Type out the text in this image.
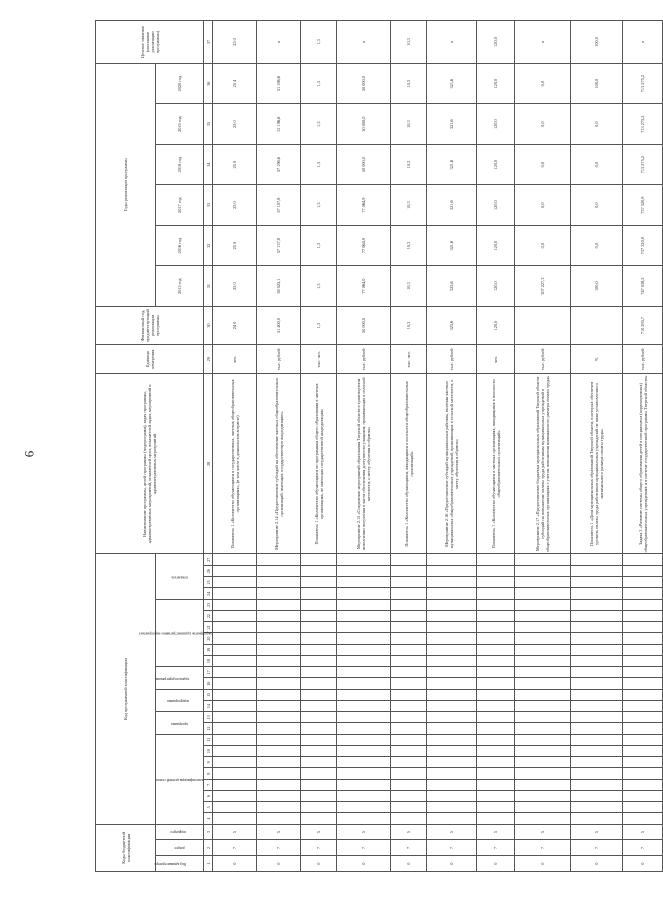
6
Коды бюджетной классификации			Код программной классификации																								Наименование программы, целей программы (подпрограмм), задач программы, административных мероприятий, показателей цели, показателей задач, мероприятий и административных мероприятий	Единица измерения	Финансовый год, предшествующий реализации программы	Годы реализации программы						Целевое значение (окончание реализации программы)

Код администратора	раздел	подраздел	классификация целевой статьи								программа		подпрограмма		задача подпрограммы		мероприятие (административное мероприятие)						показатель							2015 год	2016 год	2017 год	2018 год	2019 год	2020 год	
1	2	3	4	5	6	7	8	9	10	11	12	13	14	15	16	17	18	19	20	21	22	23	24	25	26	27	28	29	30	31	32	33	34	35	36	37
0	7	5																									Показатель 1 «Количество обучающихся в государственных, частных общеобразовательных организациях», (в том числе в дошкольном возрасте)	чел.	24 0	25 0	25 0	25 0	25 0	25 0	25 4	25 0
0	7	5																									Мероприятие 2.14 «Предоставление субсидий на обеспечение частных общеобразовательных организаций, имеющих государственную аккредитацию»	тыс. рублей	51 400,0	58 025,1	57 137,8	57 107,8	57 196,6	51 196,6	51 196,6	х
0	7	5																									Показатель 1 «Количество обучающихся по программам общего образования в частных организациях, не имеющих государственной аккредитации»	тыс. чел.	1,3	1,3	1,3	1,3	1,3	1,3	1,3	1,3
0	7	5																									Мероприятие 2.15 «Сохранение мероприятий образования Тверской области в транспортном исполнении получения в части обеспечения доступности учащихся, проживающих в сельской местности, к месту обучения и обратно»	тыс. рублей	50 000,0	77 064,0	77 064,9	77 064,9	50 000,0	50 000,0	50 000,0	х
0	7	5																									Показатель 1 «Количество обучающихся, находящихся в плоскости общеобразовательных организаций»	тыс. чел.	10,3	10,3	10,3	10,3	10,3	10,3	10,3	10,3
0	7	5																									Мероприятие 2.16 «Предоставление субсидий муниципальным районам, включая частные муниципальных общеобразовательных учреждений, проживающих в сельской местности, к месту обучения и обратно»	тыс. рублей	325,6	325,6	321,6	321,6	321,6	321,6	321,6	х
0	7	5																									Показатель 1 «Количество обучающихся в частных организациях, находящихся в плоскости общеобразовательных организаций»	чел.	120,0	120,0	120,0	120,0	120,0	120,0	120,0	120,0
0	7	5																									Мероприятие 2.17 «Предоставление бюджетам муниципальных образований Тверской области субсидий на повышение оплаты труда работникам муниципальных учреждений в общеобразовательных организациях с учетом повышения минимального размера оплаты труда»	тыс. рублей		307 227,3	0,0	0,0	0,0	0,0	0,0	х
0	7	5																									Показатель 1 «Доля муниципальных образований Тверской области, в которых обеспечен уровень оплаты труда работников муниципальных учреждений не ниже установленного минимального размера оплаты труда»	%		100,0	0,0	0,0	0,0	0,0	100,0	100,0
0	7	5																									Задача 3 «Развитие системы общего образования детей в специальных (коррекционных) общеобразовательных учреждениях и в системе государственной программы Тверской области»	тыс. рублей	710 295,7	747 038,5	737 320,9	737 320,9	713 275,2	713 275,2	713 275,2	х
